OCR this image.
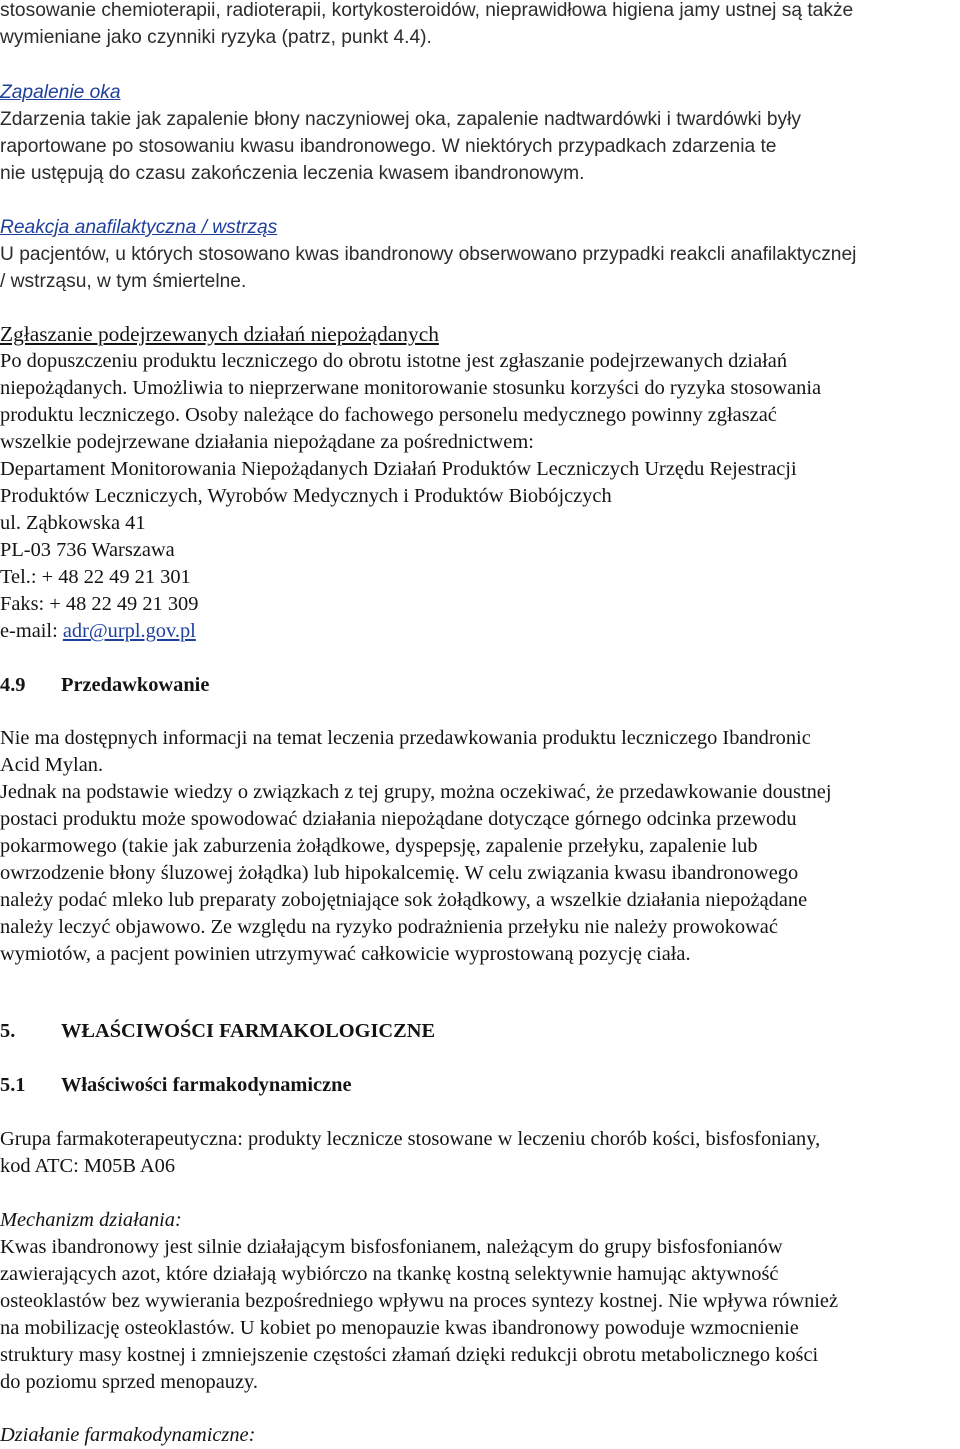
stosowanie chemioterapii, radioterapii, kortykosteroidów, nieprawidłowa higiena jamy ustnej są także
wymieniane jako czynniki ryzyka (patrz, punkt 4.4).
Zapalenie oka
Zdarzenia takie jak zapalenie błony naczyniowej oka, zapalenie nadtwardówki i twardówki były
raportowane po stosowaniu kwasu ibandronowego. W niektórych przypadkach zdarzenia te
nie ustępują do czasu zakończenia leczenia kwasem ibandronowym.
Reakcja anafilaktyczna / wstrząs
U pacjentów, u których stosowano kwas ibandronowy obserwowano przypadki reakcli anafilaktycznej
/ wstrząsu, w tym śmiertelne.
Zgłaszanie podejrzewanych działań niepożądanych
Po dopuszczeniu produktu leczniczego do obrotu istotne jest zgłaszanie podejrzewanych działań
niepożądanych. Umożliwia to nieprzerwane monitorowanie stosunku korzyści do ryzyka stosowania
produktu leczniczego. Osoby należące do fachowego personelu medycznego powinny zgłaszać
wszelkie podejrzewane działania niepożądane za pośrednictwem:
Departament Monitorowania Niepożądanych Działań Produktów Leczniczych Urzędu Rejestracji
Produktów Leczniczych, Wyrobów Medycznych i Produktów Biobójczych
ul. Ząbkowska 41
PL-03 736 Warszawa
Tel.: + 48 22 49 21 301
Faks: + 48 22 49 21 309
e-mail: adr@urpl.gov.pl
4.9 Przedawkowanie
Nie ma dostępnych informacji na temat leczenia przedawkowania produktu leczniczego Ibandronic
Acid Mylan.
Jednak na podstawie wiedzy o związkach z tej grupy, można oczekiwać, że przedawkowanie doustnej
postaci produktu może spowodować działania niepożądane dotyczące górnego odcinka przewodu
pokarmowego (takie jak zaburzenia żołądkowe, dyspepsję, zapalenie przełyku, zapalenie lub
owrzodzenie błony śluzowej żołądka) lub hipokalcemię. W celu związania kwasu ibandronowego
należy podać mleko lub preparaty zobojętniające sok żołądkowy, a wszelkie działania niepożądane
należy leczyć objawowo. Ze względu na ryzyko podrażnienia przełyku nie należy prowokować
wymiotów, a pacjent powinien utrzymywać całkowicie wyprostowaną pozycję ciała.
5. WŁAŚCIWOŚCI FARMAKOLOGICZNE
5.1 Właściwości farmakodynamiczne
Grupa farmakoterapeutyczna: produkty lecznicze stosowane w leczeniu chorób kości, bisfosfoniany,
kod ATC: M05B A06
Mechanizm działania:
Kwas ibandronowy jest silnie działającym bisfosfonianem, należącym do grupy bisfosfonianów
zawierających azot, które działają wybiórczo na tkankę kostną selektywnie hamując aktywność
osteoklastów bez wywierania bezpośredniego wpływu na proces syntezy kostnej. Nie wpływa również
na mobilizację osteoklastów. U kobiet po menopauzie kwas ibandronowy powoduje wzmocnienie
struktury masy kostnej i zmniejszenie częstości złamań dzięki redukcji obrotu metabolicznego kości
do poziomu sprzed menopauzy.
Działanie farmakodynamiczne:
